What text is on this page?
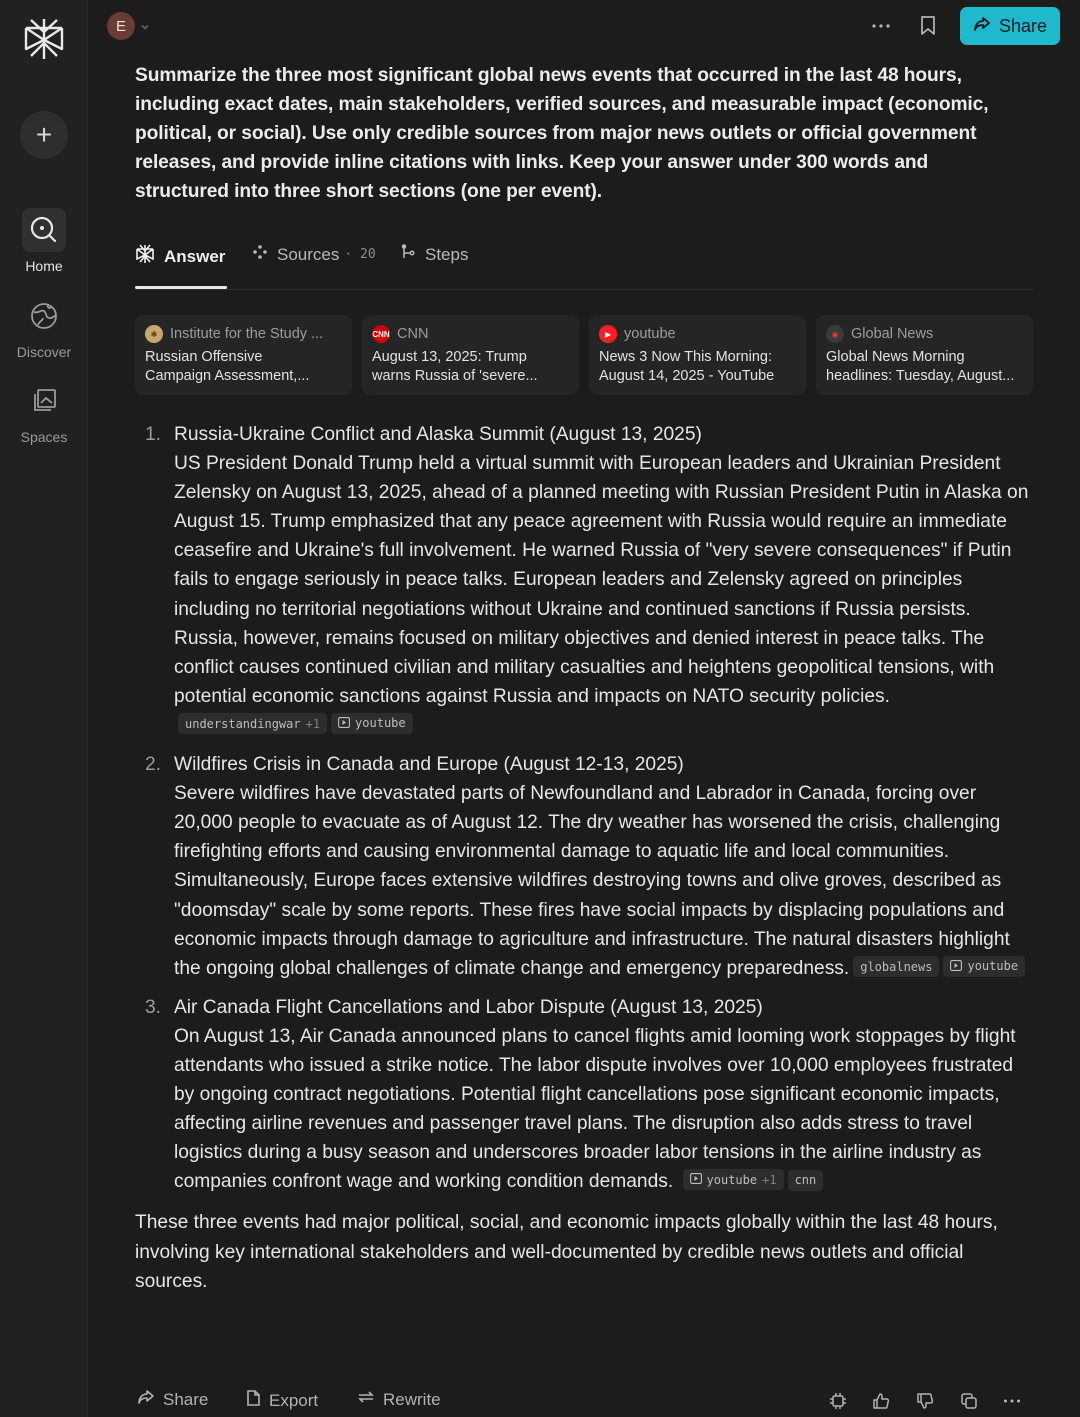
+
Home
Discover
Spaces
E	Share
Summarize the three most significant global news events that occurred in the last 48 hours, including exact dates, main stakeholders, verified sources, and measurable impact (economic, political, or social). Use only credible sources from major news outlets or official government releases, and provide inline citations with links. Keep your answer under 300 words and structured into three short sections (one per event).
Answer	Sources · 20	Steps
✱ Institute for the Study ...
Russian Offensive
Campaign Assessment,...
CNN CNN
August 13, 2025: Trump
warns Russia of 'severe...
▶ youtube
News 3 Now This Morning:
August 14, 2025 - YouTube
◉ Global News
Global News Morning
headlines: Tuesday, August...
1. Russia-Ukraine Conflict and Alaska Summit (August 13, 2025)

US President Donald Trump held a virtual summit with European leaders and Ukrainian President Zelensky on August 13, 2025, ahead of a planned meeting with Russian President Putin in Alaska on August 15. Trump emphasized that any peace agreement with Russia would require an immediate ceasefire and Ukraine's full involvement. He warned Russia of "very severe consequences" if Putin fails to engage seriously in peace talks. European leaders and Zelensky agreed on principles including no territorial negotiations without Ukraine and continued sanctions if Russia persists. Russia, however, remains focused on military objectives and denied interest in peace talks. The conflict causes continued civilian and military casualties and heightens geopolitical tensions, with potential economic sanctions against Russia and impacts on NATO security policies.
understandingwar +1	youtube

2. Wildfires Crisis in Canada and Europe (August 12-13, 2025)

Severe wildfires have devastated parts of Newfoundland and Labrador in Canada, forcing over 20,000 people to evacuate as of August 12. The dry weather has worsened the crisis, challenging firefighting efforts and causing environmental damage to aquatic life and local communities. Simultaneously, Europe faces extensive wildfires destroying towns and olive groves, described as "doomsday" scale by some reports. These fires have social impacts by displacing populations and economic impacts through damage to agriculture and infrastructure. The natural disasters highlight the ongoing global challenges of climate change and emergency preparedness. globalnews	youtube

3. Air Canada Flight Cancellations and Labor Dispute (August 13, 2025)

On August 13, Air Canada announced plans to cancel flights amid looming work stoppages by flight attendants who issued a strike notice. The labor dispute involves over 10,000 employees frustrated by ongoing contract negotiations. Potential flight cancellations pose significant economic impacts, affecting airline revenues and passenger travel plans. The disruption also adds stress to travel logistics during a busy season and underscores broader labor tensions in the airline industry as companies confront wage and working condition demands.	youtube +1 cnn

These three events had major political, social, and economic impacts globally within the last 48 hours, involving key international stakeholders and well-documented by credible news outlets and official sources.

Share	Export	Rewrite
